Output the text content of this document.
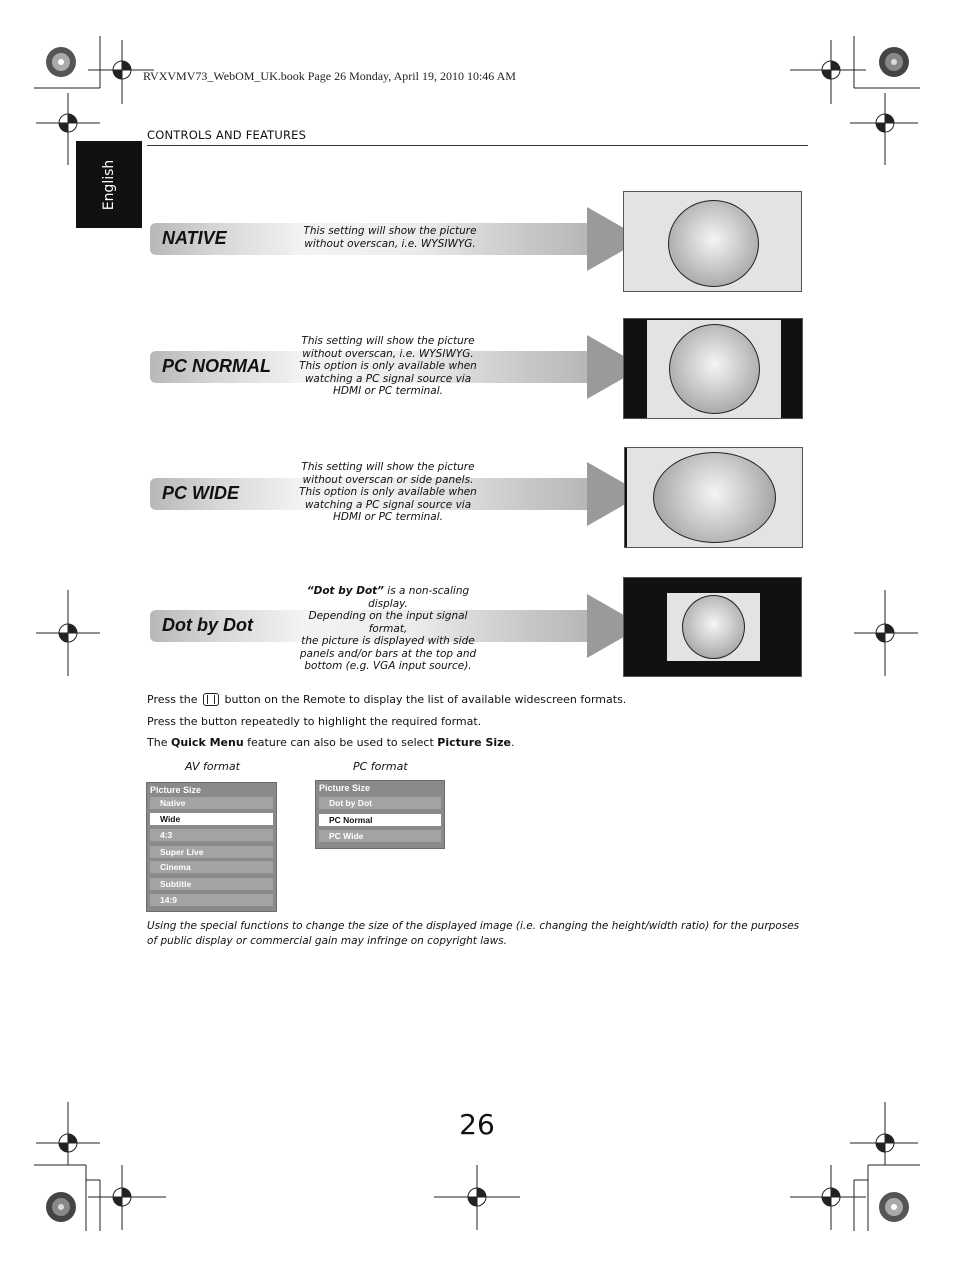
RVXVMV73_WebOM_UK.book Page 26 Monday, April 19, 2010 10:46 AM
English
CONTROLS AND FEATURES
NATIVE	This setting will show the picture
without overscan, i.e. WYSIWYG.
PC NORMAL
This setting will show the picture
without overscan, i.e. WYSIWYG.
This option is only available when
watching a PC signal source via
HDMI or PC terminal.
PC WIDE
This setting will show the picture
without overscan or side panels.
This option is only available when
watching a PC signal source via
HDMI or PC terminal.
Dot by Dot
“Dot by Dot” is a non-scaling display.
Depending on the input signal format,
the picture is displayed with side
panels and/or bars at the top and
bottom (e.g. VGA input source).
Press the button on the Remote to display the list of available widescreen formats.
Press the button repeatedly to highlight the required format.
The Quick Menu feature can also be used to select Picture Size.
AV format	PC format
Picture Size
Native
Wide
4:3
Super Live
Cinema
Subtitle
14:9
Picture Size
Dot by Dot
PC Normal
PC Wide
Using the special functions to change the size of the displayed image (i.e. changing the height/width ratio) for the purposes of public display or commercial gain may infringe on copyright laws.
26
